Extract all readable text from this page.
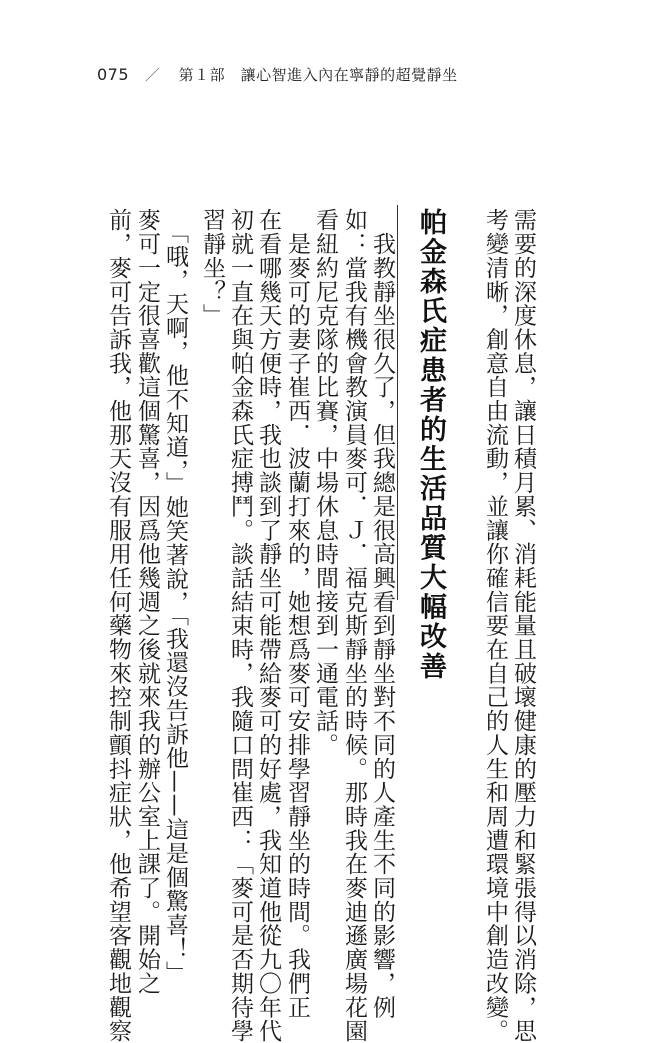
075 ／ 第１部　讓心智進入內在寧靜的超覺靜坐
需要的深度休息，讓日積月累、消耗能量且破壞健康的壓力和緊張得以消除，思
考變清晰，創意自由流動，並讓你確信要在自己的人生和周遭環境中創造改變。
帕金森氏症患者的生活品質大幅改善
　我教靜坐很久了，但我總是很高興看到靜坐對不同的人產生不同的影響，例
如：當我有機會教演員麥可．Ｊ．福克斯靜坐的時候。那時我在麥迪遜廣場花園
看紐約尼克隊的比賽，中場休息時間接到一通電話。
　是麥可的妻子崔西．波蘭打來的，她想爲麥可安排學習靜坐的時間。我們正
在看哪幾天方便時，我也談到了靜坐可能帶給麥可的好處，我知道他從九〇年代
初就一直在與帕金森氏症搏鬥。談話結束時，我隨口問崔西：「麥可是否期待學
習靜坐？」
　「哦，天啊，他不知道，」她笑著說，「我還沒告訴他——這是個驚喜！」
麥可一定很喜歡這個驚喜，因爲他幾週之後就來我的辦公室上課了。開始之
前，麥可告訴我，他那天沒有服用任何藥物來控制顫抖症狀，他希望客觀地觀察
